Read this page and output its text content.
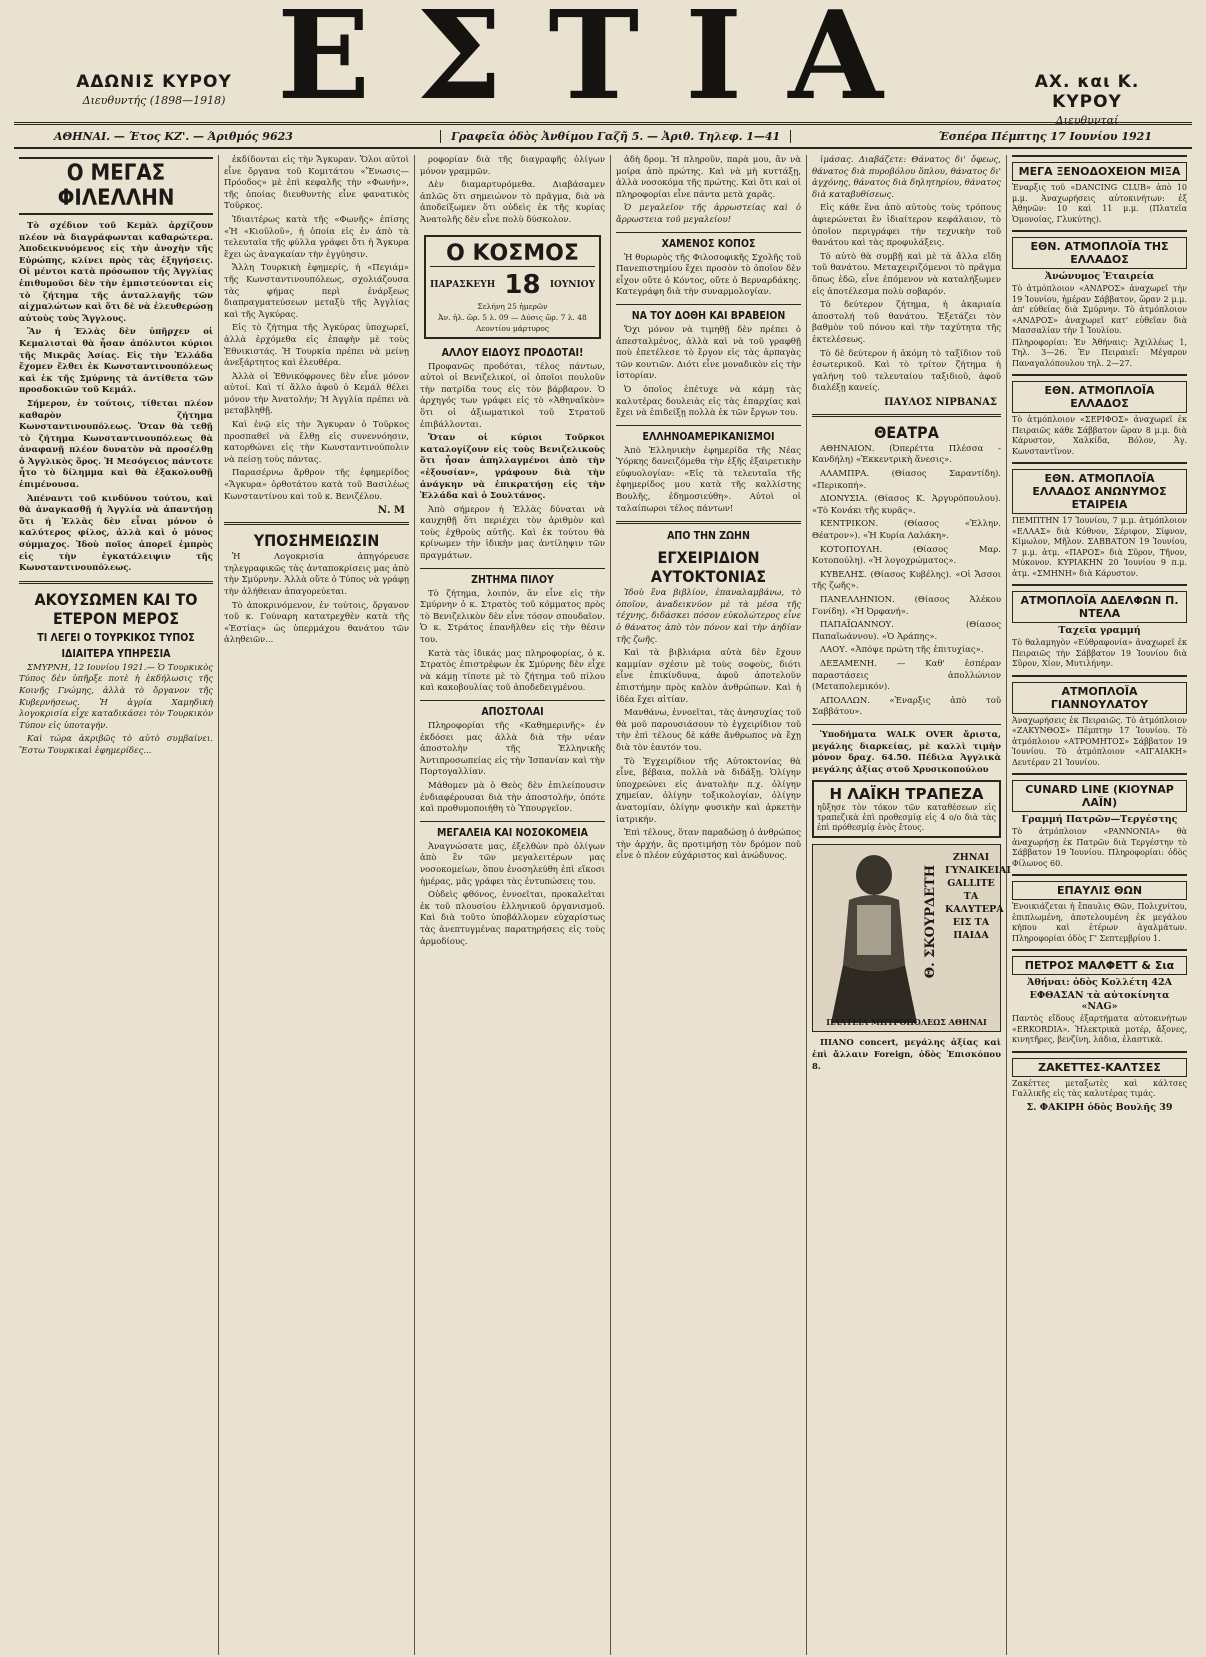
ΕΣΤΙΑ
ΑΔΩΝΙΣ ΚΥΡΟΥ
Διευθυντής (1898—1918)
ΑΧ. και Κ. ΚΥΡΟΥ
Διευθυνταί
ΑΘΗΝΑΙ. — Έτος ΚΖ'. — Άριθμός 9623	Γραφεῖα ὁδὸς Ἀνθίμου Γαζῆ 5. — Ἀριθ. Τηλεφ. 1—41	Έσπέρα Πέμπτης 17 Ιουνίου 1921
Ο ΜΕΓΑΣ ΦΙΛΕΛΛΗΝ

Τὸ σχέδιον τοῦ Κεμὰλ ἀρχίζουν πλέον νὰ διαγράφωνται καθαρώτερα. Ἀποδεικνυόμενος εἰς τὴν ἀνοχὴν τῆς Εὐρώπης, κλίνει πρὸς τὰς ἐξηγήσεις. Οἱ μέντοι κατὰ πρόσωπον τῆς Ἀγγλίας ἐπιθυμοῦσι δὲν τὴν ἐμπιστεύονται εἰς τὸ ζήτημα τῆς ἀνταλλαγῆς τῶν αἰχμαλώτων καὶ ὅτι δὲ νὰ ἐλευθερώσῃ αὐτοὺς τοὺς Ἄγγλους.

Ἂν ἡ Ἑλλὰς δὲν ὑπῆρχεν οἱ Κεμαλισταὶ θὰ ἦσαν ἀπόλυτοι κύριοι τῆς Μικρᾶς Ἀσίας. Εἰς τὴν Ἑλλάδα ἔχομεν ἔλθει ἐκ Κωνσταντινουπόλεως καὶ ἐκ τῆς Σμύρνης τὰ ἀντίθετα τῶν προσδοκιῶν τοῦ Κεμάλ.

Σήμερον, ἐν τούτοις, τίθεται πλέον καθαρὸν ζήτημα Κωνσταντινουπόλεως. Ὅταν θὰ τεθῇ τὸ ζήτημα Κωνσταντινουπόλεως θὰ ἀναφανῇ πλέον δυνατὸν νὰ προσέλθῃ ὁ Ἀγγλικὸς ὅρος. Ἡ Μεσόγειος πάντοτε ἦτο τὸ δίλημμα καὶ θὰ ἐξακολουθῇ ἐπιμένουσα.

Ἀπέναντι τοῦ κινδύνου τούτου, καὶ θὰ ἀναγκασθῇ ἡ Ἀγγλία νὰ ἀπαντήσῃ ὅτι ἡ Ἑλλὰς δὲν εἶναι μόνον ὁ καλύτερος φίλος, ἀλλὰ καὶ ὁ μόνος σύμμαχος. Ἰδοὺ ποῖος ἀπορεῖ ἐμπρὸς εἰς τὴν ἐγκατάλειψιν τῆς Κωνσταντινουπόλεως.

ΑΚΟΥΣΩΜΕΝ ΚΑΙ ΤΟ ΕΤΕΡΟΝ ΜΕΡΟΣ
ΤΙ ΛΕΓΕΙ Ο ΤΟΥΡΚΙΚΟΣ ΤΥΠΟΣ
ΙΔΙΑΙΤΕΡΑ ΥΠΗΡΕΣΙΑ

ΣΜΥΡΝΗ, 12 Ιουνίου 1921.— Ὁ Τουρκικὸς Τύπος δὲν ὑπῆρξε ποτὲ ἡ ἐκδήλωσις τῆς Κοινῆς Γνώμης, ἀλλὰ τὸ ὄργανον τῆς Κυβερνήσεως. Ἡ ἀγρία Χαμηδικὴ λογοκρισία εἶχε καταδικάσει τὸν Τουρκικὸν Τύπον εἰς ὑποταγήν.

Καὶ τώρα ἀκριβῶς τὸ αὐτὸ συμβαίνει. Ἔστω Τουρκικαὶ ἐφημερίδες...

ἐκδίδονται εἰς τὴν Ἄγκυραν. Ὅλοι αὐτοὶ εἶνε ὄργανα τοῦ Κομιτάτου «Ἕνωσις—Πρόοδος» μὲ ἐπὶ κεφαλῆς τὴν «Φωνήν», τῆς ὁποίας διευθυντὴς εἶνε φανατικὸς Τοῦρκος.

Ἰδιαιτέρως κατὰ τῆς «Φωνῆς» ἐπίσης «Ἡ «Κιοῦλοῦ», ἡ ὁποία εἰς ἐν ἀπὸ τὰ τελευταῖα τῆς φύλλα γράφει ὅτι ἡ Ἄγκυρα ἔχει ὡς ἀναγκαίαν τὴν ἐγγύησιν.

Ἄλλη Τουρκικὴ ἐφημερίς, ἡ «Πεγιάμ» τῆς Κωνσταντινουπόλεως, σχολιάζουσα τὰς φήμας περὶ ἐνάρξεως διαπραγματεύσεων μεταξὺ τῆς Ἀγγλίας καὶ τῆς Ἀγκύρας.

Εἰς τὸ ζήτημα τῆς Ἀγκύρας ὑποχωρεῖ, ἀλλὰ ἐρχόμεθα εἰς ἐπαφὴν μὲ τοὺς Ἐθνικιστάς. Ἡ Τουρκία πρέπει νὰ μείνῃ ἀνεξάρτητος καὶ ἐλευθέρα.

Ἀλλὰ οἱ Ἐθνικόφρονες δὲν εἶνε μόνον αὐτοί. Καὶ τί ἄλλο ἀφοῦ ὁ Κεμάλ θέλει μόνον τὴν Ἀνατολήν; Ἡ Ἀγγλία πρέπει νὰ μεταβληθῇ.

Καὶ ἐνῷ εἰς τὴν Ἄγκυραν ὁ Τοῦρκος προσπαθεῖ νὰ ἔλθῃ εἰς συνεννόησιν, κατορθώνει εἰς τὴν Κωνσταντινούπολιν νὰ πείσῃ τοὺς πάντας.

Παρασέρνω ἄρθρον τῆς ἐφημερίδος «Ἄγκυρα» ὀρθοτάτου κατὰ τοῦ Βασιλέως Κωνσταντίνου καὶ τοῦ κ. Βενιζέλου.

Ν. Μ
ΥΠΟΣΗΜΕΙΩΣΙΝ

Ἡ Λογοκρισία ἀπηγόρευσε τηλεγραφικῶς τὰς ἀνταποκρίσεις μας ἀπὸ τὴν Σμύρνην. Ἀλλὰ οὔτε ὁ Τύπος νὰ γράφῃ τὴν ἀλήθειαν ἀπαγορεύεται.

Τὸ ἀποκρινόμενον, ἐν τούτοις, ὄργανον τοῦ κ. Γούναρη κατατρεχθὲν κατὰ τῆς «Ἑστίας» ὡς ὑπερμάχου θανάτου τῶν ἀληθειῶν...

ροφορίαν διὰ τῆς διαγραφῆς ὀλίγων μόνον γραμμῶν.

Δὲν διαμαρτυρόμεθα. Διαβάσαμεν ἁπλῶς ὅτι σημειώνον τὸ πρᾶγμα, διὰ νὰ ἀποδείξωμεν ὅτι οὐδεὶς ἐκ τῆς κυρίας Ἀνατολῆς δὲν εἶνε πολὺ δύσκολον.

Ο ΚΟΣΜΟΣ
ΠΑΡΑΣΚΕΥΗ 18 ΙΟΥΝΙΟΥ
Σελήνη 25 ἡμερῶν
Ἀν. ἡλ. ὥρ. 5 λ. 09 — Δύσις ὥρ. 7 λ. 48
Λεοντίου μάρτυρος
ΑΛΛΟΥ ΕΙΔΟΥΣ ΠΡΟΔΟΤΑΙ!

Προφανῶς προδόται, τέλος πάντων, αὐτοὶ οἱ Βενιζελικοί, οἱ ὁποῖοι πουλοῦν τὴν πατρίδα τους εἰς τὸν βάρβαρον. Ὁ ἀρχηγός των γράφει εἰς τὸ «Ἀθηναϊκὸν» ὅτι οἱ ἀξιωματικοὶ τοῦ Στρατοῦ ἐπιβάλλονται.

Ὅταν οἱ κύριοι Τοῦρκοι καταλογίζουν εἰς τοὺς Βενιζελικοὺς ὅτι ἦσαν ἀπηλλαγμένοι ἀπὸ τὴν «ἐξουσίαν», γράφουν διὰ τὴν ἀνάγκην νὰ ἐπικρατήσῃ εἰς τὴν Ἑλλάδα καὶ ὁ Σουλτάνος.

Ἀπὸ σήμερον ἡ Ἑλλὰς δύναται νὰ καυχηθῇ ὅτι περιέχει τὸν ἀριθμὸν καὶ τοὺς ἐχθροὺς αὐτῆς. Καὶ ἐκ τούτου θὰ κρίνωμεν τὴν ἰδικὴν μας ἀντίληψιν τῶν πραγμάτων.

ΖΗΤΗΜΑ ΠΙΛΟΥ

Τὸ ζήτημα, λοιπόν, ἂν εἶνε εἰς τὴν Σμύρνην ὁ κ. Στρατὸς τοῦ κόμματος πρὸς τὸ Βενιζελικὸν δὲν εἶνε τόσον σπουδαῖον. Ὁ κ. Στράτος ἐπανῆλθεν εἰς τὴν θέσιν του.

Κατὰ τὰς ἰδικάς μας πληροφορίας, ὁ κ. Στρατὸς ἐπιστρέφων ἐκ Σμύρνης δὲν εἶχε νὰ κάμῃ τίποτε μὲ τὸ ζήτημα τοῦ πίλου καὶ κακοβουλίας τοῦ ἀποδεδειγμένου.

ΑΠΟΣΤΟΛΑΙ

Πληροφορίαι τῆς «Καθημερινῆς» ἐν ἐκδόσει μας ἀλλὰ διὰ τὴν νέαν ἀποστολὴν τῆς Ἑλληνικῆς Ἀντιπροσωπείας εἰς τὴν Ἰσπανίαν καὶ τὴν Πορτογαλλίαν.

Μάθομεν μὰ ὁ Θεὸς δὲν ἐπιλείπουσιν ἐνδιαφέρουσαι διὰ τὴν ἀποστολήν, ὁπότε καὶ προθυμοποιήθη τὸ Ὑπουργεῖον.

ΜΕΓΑΛΕΙΑ ΚΑΙ ΝΟΣΟΚΟΜΕΙΑ

Ἀναγνώσατε μας, ἐξελθὼν πρὸ ὀλίγων ἀπὸ ἓν τῶν μεγαλειτέρων μας νοσοκομείων, ὅπου ἐνοσηλεύθη ἐπὶ εἴκοσι ἡμέρας, μᾶς γράφει τὰς ἐντυπώσεις του.

Οὐδεὶς φθόνος, ἐννοεῖται, προκαλεῖται ἐκ τοῦ πλουσίου ἑλληνικοῦ ὀργανισμοῦ. Καὶ διὰ τοῦτο ὑποβάλλομεν εὐχαρίστως τὰς ἀνεπτυγμένας παρατηρήσεις εἰς τοὺς ἁρμοδίους.

ἀδὴ δρομ. Ἡ πληροῦν, παρὰ μου, ἂν νὰ μοίρα ἀπὸ πρώτης. Καὶ νὰ μὴ κυττάξῃ, ἀλλὰ νοσοκόμα τῆς πρώτης. Καὶ ὅτι καὶ οἱ πληροφορίαι εἶνε πάντα μετὰ χαρᾶς.

Ὁ μεγαλεῖον τῆς ἀρρωστείας καὶ ὁ ἄρρωστεια τοῦ μεγαλείου!

ΧΑΜΕΝΟΣ ΚΟΠΟΣ

Ἡ θυρωρὸς τῆς Φιλοσοφικῆς Σχολῆς τοῦ Πανεπιστημίου ἔχει προσὸν τὸ ὁποῖον δὲν εἶχον οὔτε ὁ Κόντος, οὔτε ὁ Βερναρδάκης. Κατεγράφη διὰ τὴν συναρμολογίαν.

ΝΑ ΤΟΥ ΔΟΘΗ ΚΑΙ ΒΡΑΒΕΙΟΝ

Ὄχι μόνον νὰ τιμηθῇ δὲν πρέπει ὁ ἀπεσταλμένος, ἀλλὰ καὶ νὰ τοῦ γραφθῇ ποὺ ἐπετέλεσε τὸ ἔργον εἰς τὰς ἁρπαγὰς τῶν κουτιῶν. Διότι εἶνε μοναδικὸν εἰς τὴν ἱστορίαν.

Ὁ ὁποῖος ἐπέτυχε νὰ κάμῃ τὰς καλυτέρας δουλειὰς εἰς τὰς ἐπαρχίας καὶ ἔχει νὰ ἐπιδείξῃ πολλὰ ἐκ τῶν ἔργων του.

ΕΛΛΗΝΟΑΜΕΡΙΚΑΝΙΣΜΟΙ

Ἀπὸ Ἑλληνικὴν ἐφημερίδα τῆς Νέας Ὑόρκης δανειζόμεθα τὴν ἑξῆς ἐξαιρετικὴν εὐφυολογίαν: «Εἰς τὰ τελευταῖα τῆς ἐφημερίδος μου κατὰ τῆς καλλίστης Βουλῆς, ἐδημοσιεύθη». Αὐτοὶ οἱ ταλαίπωροι τέλος πάντων!

ΑΠΟ ΤΗΝ ΖΩΗΝ
ΕΓΧΕΙΡΙΔΙΟΝ ΑΥΤΟΚΤΟΝΙΑΣ

Ἰδοὺ ἕνα βιβλίον, ἐπαναλαμβάνω, τὸ ὁποῖον, ἀναδεικνύον μὲ τὰ μέσα τῆς τέχνης, διδάσκει πόσον εὐκολώτερος εἶνε ὁ θάνατος ἀπὸ τὸν πόνον καὶ τὴν ἀηδίαν τῆς ζωῆς.

Καὶ τὰ βιβλιάρια αὐτὰ δὲν ἔχουν καμμίαν σχέσιν μὲ τοὺς σοφοὺς, διότι εἶνε ἐπικίνδυνα, ἀφοῦ ἀποτελοῦν ἐπιστήμην πρὸς καλὸν ἀνθρώπων. Καὶ ἡ ἰδέα ἔχει αἰτίαν.

Μανθάνω, ἐννοεῖται, τὰς ἀνησυχίας τοῦ θὰ μοῦ παρουσιάσουν τὸ ἐγχειρίδιον τοῦ τὴν ἐπὶ τέλους δὲ κάθε ἄνθρωπος νὰ ἔχῃ διὰ τὸν ἑαυτόν του.

Τὸ Ἐγχειρίδιον τῆς Αὐτοκτονίας θὰ εἶνε, βέβαια, πολλὰ νὰ διδάξῃ. Ὀλίγην ὑποχρεώνει εἰς ἀνατολὴν π.χ. ὀλίγην χημείαν, ὀλίγην τοξικολογίαν, ὀλίγην ἀνατομίαν, ὀλίγην φυσικὴν καὶ ἀρκετὴν ἱατρικήν.

Ἐπὶ τέλους, ὅταν παραδώσῃ ὁ ἀνθρώπος τὴν ἀρχήν, ἂς προτιμήσῃ τὸν δρόμον ποῦ εἶνε ὁ πλέον εὐχάριστος καὶ ἀνώδυνος.

ἰμάσας. Διαβάζετε: Θάνατος δι' ὄφεως, θάνατος διὰ πυροβόλου ὅπλου, θάνατος δι' ἀγχόνης, θάνατος διὰ δηλητηρίου, θάνατος διὰ καταβυθίσεως.

Εἰς κάθε ἕνα ἀπὸ αὐτοὺς τοὺς τρόπους ἀφιερώνεται ἓν ἰδιαίτερον κεφάλαιον, τὸ ὁποῖον περιγράφει τὴν τεχνικὴν τοῦ θανάτου καὶ τὰς προφυλάξεις.

Τὸ αὐτὸ θὰ συμβῇ καὶ μὲ τὰ ἄλλα εἴδη τοῦ θανάτου. Μεταχειριζόμενοι τὸ πρᾶγμα ὅπως ἐδῶ, εἶνε ἐπόμενον νὰ καταλήξωμεν εἰς ἀποτέλεσμα πολὺ σοβαρόν.

Τὸ δεύτερον ζήτημα, ἡ ἀκαριαία ἀποστολή τοῦ θανάτου. Ἐξετάζει τὸν βαθμὸν τοῦ πόνου καὶ τὴν ταχύτητα τῆς ἐκτελέσεως.

Τὸ δὲ δεύτερον ἡ ἀκόμη τὸ ταξίδιον τοῦ ἐσωτερικοῦ. Καὶ τὸ τρίτον ζήτημα ἡ γαλήνη τοῦ τελευταίου ταξιδιοῦ, ἀφοῦ διαλέξῃ κανείς.

ΠΑΥΛΟΣ ΝΙΡΒΑΝΑΣ
ΘΕΑΤΡΑ

ΑΘΗΝΑΙΟΝ. (Ὀπερέττα Πλέσσα - Κανδήλη) «Ἐκκεντρικὴ ἄνεσις».

ΑΛΑΜΠΡΑ. (Θίασος Σαραντίδη). «Περικοπή».

ΔΙΟΝΥΣΙΑ. (Θίασος Κ. Ἀργυρόπουλου). «Τὸ Κονάκι τῆς κυρᾶς».

ΚΕΝΤΡΙΚΟΝ. (Θίασος «Ἑλλην. Θέατρον»). «Ἡ Κυρία Λαλάκη».

ΚΟΤΟΠΟΥΛΗ. (Θίασος Μαρ. Κοτοπούλη). «Ἡ λογοχρώματος».

ΚΥΒΕΛΗΣ. (Θίασος Κυβέλης). «Οἱ Ἄσσοι τῆς ζωῆς».

ΠΑΝΕΛΛΗΝΙΟΝ. (Θίασος Ἀλέκου Γονίδη). «Ἡ Ὀρφανή».

ΠΑΠΑΪΩΑΝΝΟΥ. (Θίασος Παπαϊωάννου). «Ὁ Ἀράπης».

ΛΑΟΥ. «Ἀπόψε πρώτη τῆς ἐπιτυχίας».

ΔΕΞΑΜΕΝΗ. — Καθ' ἑσπέραν παραστάσεις ἀπολλώνιον (Μεταπολεμικόν).

ΑΠΟΛΛΩΝ. «Ἐναρξις ἀπὸ τοῦ Σαββάτου».

Ὑποδήματα WALK OVER ἄριστα, μεγάλης διαρκείας, μὲ καλλὶ τιμὴν μόνον δραχ. 64.50. Πέδιλα Ἀγγλικὰ μεγάλης ἀξίας στοῦ Χρυσικοπούλου

Η ΛΑΪΚΗ ΤΡΑΠΕΖΑ
ηὔξησε τὸν τόκον τῶν καταθέσεων εἰς τραπεζικὰ ἐπὶ προθεσμίᾳ εἰς 4 ο/ο διὰ τὰς ἐπὶ πρόθεσμίᾳ ἑνὸς ἔτους.
Θ. ΣΚΟΥΡΔΕΤΗ
ΖΗΝΑΙ ΓΥΝΑΙΚΕΙΑΙ GALLITE ΤΑ ΚΑΛΥΤΕΡΑ ΕΙΣ ΤΑ ΠΑΙΔΑ
ΠΛΑΤΕΙΑ ΜΗΤΡΟΠΟΛΕΩΣ ΑΘΗΝΑΙ

ΠΙΑΝΟ concert, μεγάλης ἀξίας καὶ ἐπὶ ἄλλαιν Foreign, ὁδὸς Ἐπισκόπου 8.

ΜΕΓΑ ΞΕΝΟΔΟΧΕΙΟΝ ΜΙΞΑ
Ἐναρξις τοῦ «DANCING CLUB» ἀπὸ 10 μ.μ. Ἀναχωρήσεις αὐτοκινήτων: ἐξ Ἀθηνῶν: 10 καὶ 11 μ.μ. (Πλατεῖα Ὁμονοίας, Γλυκύτης).
ΕΘΝ. ΑΤΜΟΠΛΟΪΑ ΤΗΣ ΕΛΛΑΔΟΣ
Ἀνώνυμος Ἑταιρεία
Τὸ ἀτμόπλοιον «ΑΝΔΡΟΣ» ἀναχωρεῖ τὴν 19 Ἰουνίου, ἡμέραν Σάββατον, ὥραν 2 μ.μ. ἀπ' εὐθείας διὰ Σμύρνην. Τὸ ἀτμόπλοιον «ΑΝΔΡΟΣ» ἀναχωρεῖ κατ' εὐθεῖαν διὰ Μασσαλίαν τὴν 1 Ἰουλίου.
Πληροφορίαι: Ἐν Ἀθήναις: Ἀχιλλέως 1, Τηλ. 3—26. Ἐν Πειραιεῖ: Μέγαρον Παναγαλόπουλου τηλ. 2—27.
ΕΘΝ. ΑΤΜΟΠΛΟΪΑ ΕΛΛΑΔΟΣ
Τὸ ἀτμόπλοιον «ΣΕΡΙΦΟΣ» ἀναχωρεῖ ἐκ Πειραιῶς κάθε Σάββατον ὥραν 8 μ.μ. διὰ Κάρυστον, Χαλκίδα, Βόλον, Ἀγ. Κωνσταντῖνον.
ΕΘΝ. ΑΤΜΟΠΛΟΪΑ ΕΛΛΑΔΟΣ ΑΝΩΝΥΜΟΣ ΕΤΑΙΡΕΙΑ
ΠΕΜΠΤΗΝ 17 Ἰουνίου, 7 μ.μ. ἀτμόπλοιον «ΕΛΛΑΣ» διὰ Κύθνον, Σέριφον, Σίφνον, Κίμωλον, Μῆλον. ΣΑΒΒΑΤΟΝ 19 Ἰουνίου, 7 μ.μ. ἀτμ. «ΠΑΡΟΣ» διὰ Σῦρον, Τῆνον, Μύκονον. ΚΥΡΙΑΚΗΝ 20 Ἰουνίου 9 π.μ. ἀτμ. «ΣΜΗΝΗ» διὰ Κάρυστον.
ΑΤΜΟΠΛΟΪΑ ΑΔΕΛΦΩΝ Π. ΝΤΕΛΑ
Ταχεῖα γραμμή
Τὸ θαλαμηγὸν «Εὐθραφονία» ἀναχωρεῖ ἐκ Πειραιῶς τὴν Σάββατον 19 Ἰουνίου διὰ Σῦρον, Χίον, Μυτιλήνην.
ΑΤΜΟΠΛΟΪΑ ΓΙΑΝΝΟΥΛΑΤΟΥ
Ἀναχωρήσεις ἐκ Πειραιῶς. Τὸ ἀτμόπλοιον «ΖΑΚΥΝΘΟΣ» Πέμπτην 17 Ἰουνίου. Τὸ ἀτμόπλοιον «ΑΤΡΟΜΗΤΟΣ» Σάββατον 19 Ἰουνίου. Τὸ ἀτμόπλοιον «ΑΙΓΑΙΑΚΗ» Δευτέραν 21 Ἰουνίου.
CUNARD LINE (ΚΙΟΥΝΑΡ ΛΑΪΝ)
Γραμμή Πατρῶν—Τεργέστης
Τὸ ἀτμόπλοιον «PANNONIA» θὰ ἀναχωρήσῃ ἐκ Πατρῶν διὰ Τεργέστην τὸ Σάββατον 19 Ἰουνίου. Πληροφορίαι: ὁδὸς Φίλωνος 60.
ΕΠΑΥΛΙΣ ΘΩΝ
Ἐνοικιάζεται ἡ ἔπαυλις Θῶν, Πολιχνίτου, ἐπιπλωμένη, ἀποτελουμένη ἐκ μεγάλου κήπου καὶ ἑτέρων ἀγαλμάτων. Πληροφορίαι ὁδὸς Γ' Σεπτεμβρίου 1.
ΠΕΤΡΟΣ ΜΑΛΦΕΤΤ & Σια
Ἀθήναι: ὁδὸς Κολλέτη 42Α
ΕΦΘΑΣΑΝ τὰ αὐτοκίνητα «NAG»
Παντὸς εἴδους ἐξαρτήματα αὐτοκινήτων «ERKORDIA». Ἠλεκτρικὰ μοτέρ, ἄξονες, κινητῆρες, βενζίνη, λάδια, ἐλαστικὰ.
ΖΑΚΕΤΤΕΣ-ΚΑΛΤΣΕΣ
Ζακέττες μεταξωτὲς καὶ κάλτσες Γαλλικῆς εἰς τὰς καλυτέρας τιμάς.
Σ. ΦΑΚΙΡΗ ὁδὸς Βουλῆς 39
